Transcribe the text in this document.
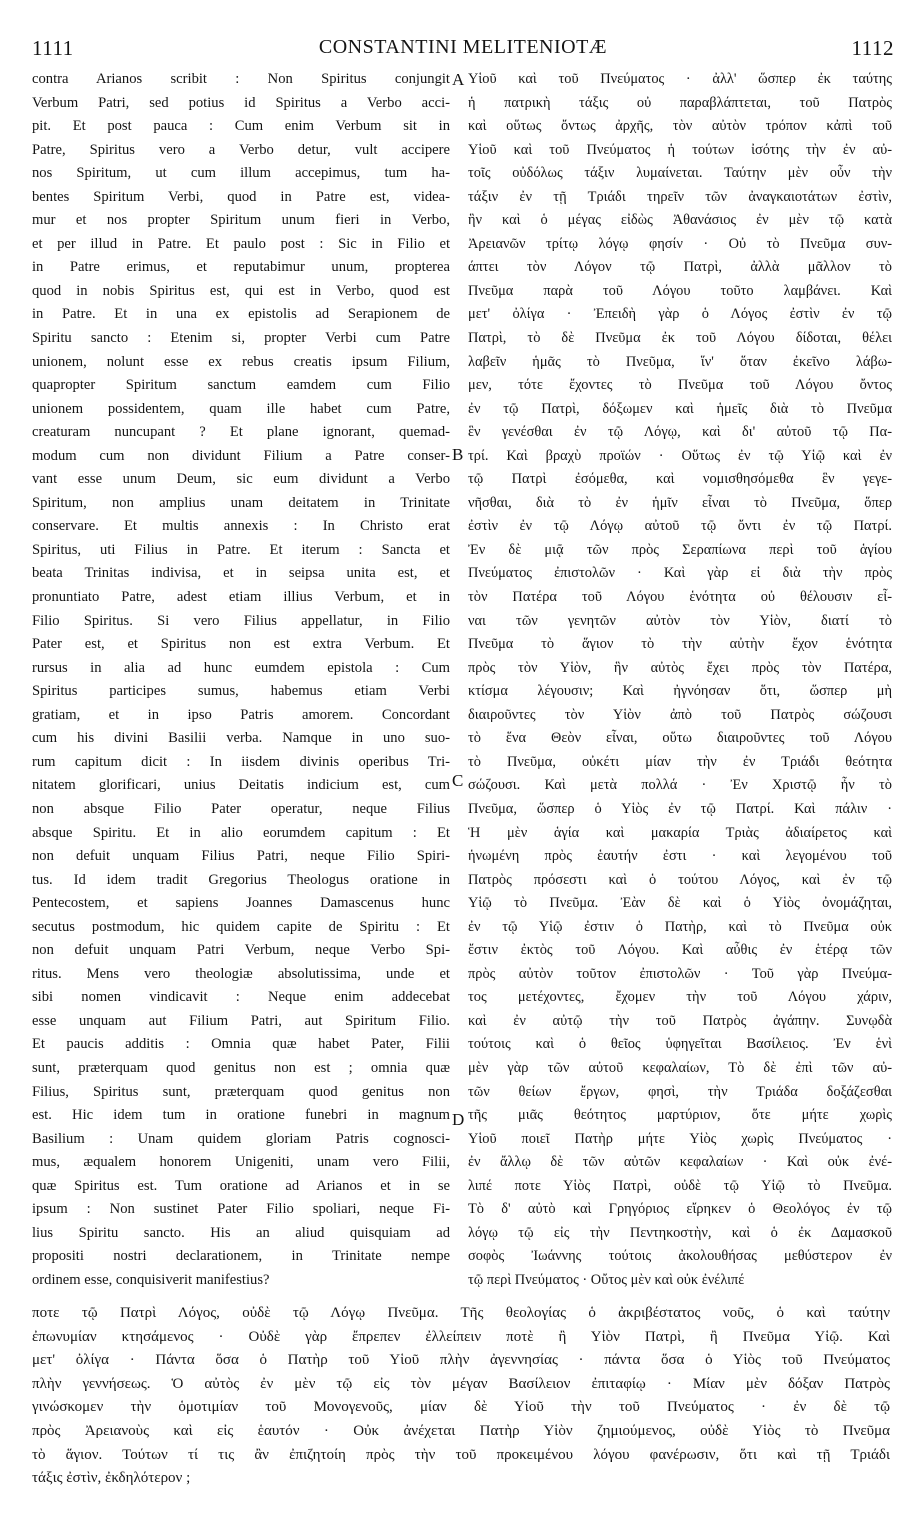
1111	CONSTANTINI MELITENIOTÆ	1112
contra Arianos scribit : Non Spiritus conjungit
Verbum Patri, sed potius id Spiritus a Verbo acci-
pit. Et post pauca : Cum enim Verbum sit in
Patre, Spiritus vero a Verbo detur, vult accipere
nos Spiritum, ut cum illum accepimus, tum ha-
bentes Spiritum Verbi, quod in Patre est, videa-
mur et nos propter Spiritum unum fieri in Verbo,
et per illud in Patre. Et paulo post : Sic in Filio et
in Patre erimus, et reputabimur unum, propterea
quod in nobis Spiritus est, qui est in Verbo, quod est
in Patre. Et in una ex epistolis ad Serapionem de
Spiritu sancto : Etenim si, propter Verbi cum Patre
unionem, nolunt esse ex rebus creatis ipsum Filium,
quapropter Spiritum sanctum eamdem cum Filio
unionem possidentem, quam ille habet cum Patre,
creaturam nuncupant ? Et plane ignorant, quemad-
modum cum non dividunt Filium a Patre conser-
vant esse unum Deum, sic eum dividunt a Verbo
Spiritum, non amplius unam deitatem in Trinitate
conservare. Et multis annexis : In Christo erat
Spiritus, uti Filius in Patre. Et iterum : Sancta et
beata Trinitas indivisa, et in seipsa unita est, et
pronuntiato Patre, adest etiam illius Verbum, et in
Filio Spiritus. Si vero Filius appellatur, in Filio
Pater est, et Spiritus non est extra Verbum. Et
rursus in alia ad hunc eumdem epistola : Cum
Spiritus participes sumus, habemus etiam Verbi
gratiam, et in ipso Patris amorem. Concordant
cum his divini Basilii verba. Namque in uno suo-
rum capitum dicit : In iisdem divinis operibus Tri-
nitatem glorificari, unius Deitatis indicium est, cum
non absque Filio Pater operatur, neque Filius
absque Spiritu. Et in alio eorumdem capitum : Et
non defuit unquam Filius Patri, neque Filio Spiri-
tus. Id idem tradit Gregorius Theologus oratione in
Pentecostem, et sapiens Joannes Damascenus hunc
secutus postmodum, hic quidem capite de Spiritu : Et
non defuit unquam Patri Verbum, neque Verbo Spi-
ritus. Mens vero theologiæ absolutissima, unde et
sibi nomen vindicavit : Neque enim addecebat
esse unquam aut Filium Patri, aut Spiritum Filio.
Et paucis additis : Omnia quæ habet Pater, Filii
sunt, præterquam quod genitus non est ; omnia quæ
Filius, Spiritus sunt, præterquam quod genitus non
est. Hic idem tum in oratione funebri in magnum
Basilium : Unam quidem gloriam Patris cognosci-
mus, æqualem honorem Unigeniti, unam vero Filii,
quæ Spiritus est. Tum oratione ad Arianos et in se
ipsum : Non sustinet Pater Filio spoliari, neque Fi-
lius Spiritu sancto. His an aliud quisquiam ad
propositi nostri declarationem, in Trinitate nempe
ordinem esse, conquisiverit manifestius?
Υἱοῦ καὶ τοῦ Πνεύματος · ἀλλ' ὥσπερ ἐκ ταύτης
ἡ πατρικὴ τάξις οὐ παραβλάπτεται, τοῦ Πατρὸς
καὶ οὕτως ὄντως ἀρχῆς, τὸν αὐτὸν τρόπον κἀπὶ τοῦ
Υἱοῦ καὶ τοῦ Πνεύματος ἡ τούτων ἰσότης τὴν ἐν αὐ-
τοῖς οὐδόλως τάξιν λυμαίνεται. Ταύτην μὲν οὖν τὴν
τάξιν ἐν τῇ Τριάδι τηρεῖν τῶν ἀναγκαιοτάτων ἐστὶν,
ἣν καὶ ὁ μέγας εἰδὼς Ἀθανάσιος ἐν μὲν τῷ κατὰ
Ἀρειανῶν τρίτῳ λόγῳ φησίν · Οὐ τὸ Πνεῦμα συν-
άπτει τὸν Λόγον τῷ Πατρὶ, ἀλλὰ μᾶλλον τὸ
Πνεῦμα παρὰ τοῦ Λόγου τοῦτο λαμβάνει. Καὶ
μετ' ὀλίγα · Ἐπειδὴ γὰρ ὁ Λόγος ἐστὶν ἐν τῷ
Πατρὶ, τὸ δὲ Πνεῦμα ἐκ τοῦ Λόγου δίδοται, θέλει
λαβεῖν ἡμᾶς τὸ Πνεῦμα, ἵν' ὅταν ἐκεῖνο λάβω-
μεν, τότε ἔχοντες τὸ Πνεῦμα τοῦ Λόγου ὄντος
ἐν τῷ Πατρὶ, δόξωμεν καὶ ἡμεῖς διὰ τὸ Πνεῦμα
ἓν γενέσθαι ἐν τῷ Λόγῳ, καὶ δι' αὐτοῦ τῷ Πα-
τρί. Καὶ βραχὺ προϊών · Οὕτως ἐν τῷ Υἱῷ καὶ ἐν
τῷ Πατρὶ ἐσόμεθα, καὶ νομισθησόμεθα ἓν γεγε-
νῆσθαι, διὰ τὸ ἐν ἡμῖν εἶναι τὸ Πνεῦμα, ὅπερ
ἐστὶν ἐν τῷ Λόγῳ αὐτοῦ τῷ ὄντι ἐν τῷ Πατρί.
Ἐν δὲ μιᾷ τῶν πρὸς Σεραπίωνα περὶ τοῦ ἁγίου
Πνεύματος ἐπιστολῶν · Καὶ γὰρ εἰ διὰ τὴν πρὸς
τὸν Πατέρα τοῦ Λόγου ἑνότητα οὐ θέλουσιν εἶ-
ναι τῶν γενητῶν αὐτὸν τὸν Υἱὸν, διατί τὸ
Πνεῦμα τὸ ἅγιον τὸ τὴν αὐτὴν ἔχον ἑνότητα
πρὸς τὸν Υἱὸν, ἣν αὐτὸς ἔχει πρὸς τὸν Πατέρα,
κτίσμα λέγουσιν; Καὶ ἠγνόησαν ὅτι, ὥσπερ μὴ
διαιροῦντες τὸν Υἱὸν ἀπὸ τοῦ Πατρὸς σώζουσι
τὸ ἕνα Θεὸν εἶναι, οὕτω διαιροῦντες τοῦ Λόγου
τὸ Πνεῦμα, οὐκέτι μίαν τὴν ἐν Τριάδι θεότητα
σώζουσι. Καὶ μετὰ πολλά · Ἐν Χριστῷ ἦν τὸ
Πνεῦμα, ὥσπερ ὁ Υἱὸς ἐν τῷ Πατρί. Καὶ πάλιν ·
Ἡ μὲν ἁγία καὶ μακαρία Τριὰς ἀδιαίρετος καὶ
ἡνωμένη πρὸς ἑαυτήν ἐστι · καὶ λεγομένου τοῦ
Πατρὸς πρόσεστι καὶ ὁ τούτου Λόγος, καὶ ἐν τῷ
Υἱῷ τὸ Πνεῦμα. Ἐὰν δὲ καὶ ὁ Υἱὸς ὀνομάζηται,
ἐν τῷ Υἱῷ ἐστιν ὁ Πατὴρ, καὶ τὸ Πνεῦμα οὐκ
ἔστιν ἐκτὸς τοῦ Λόγου. Καὶ αὖθις ἐν ἑτέρᾳ τῶν
πρὸς αὐτὸν τοῦτον ἐπιστολῶν · Τοῦ γὰρ Πνεύμα-
τος μετέχοντες, ἔχομεν τὴν τοῦ Λόγου χάριν,
καὶ ἐν αὐτῷ τὴν τοῦ Πατρὸς ἀγάπην. Συνῳδὰ
τούτοις καὶ ὁ θεῖος ὑφηγεῖται Βασίλειος. Ἐν ἑνὶ
μὲν γὰρ τῶν αὐτοῦ κεφαλαίων, Τὸ δὲ ἐπὶ τῶν αὐ-
τῶν θείων ἔργων, φησὶ, τὴν Τριάδα δοξάζεσθαι
τῆς μιᾶς θεότητος μαρτύριον, ὅτε μήτε χωρὶς
Υἱοῦ ποιεῖ Πατὴρ μήτε Υἱὸς χωρὶς Πνεύματος ·
ἐν ἄλλῳ δὲ τῶν αὐτῶν κεφαλαίων · Καὶ οὐκ ἐνέ-
λιπέ ποτε Υἱὸς Πατρὶ, οὐδὲ τῷ Υἱῷ τὸ Πνεῦμα.
Τὸ δ' αὐτὸ καὶ Γρηγόριος εἴρηκεν ὁ Θεολόγος ἐν τῷ
λόγῳ τῷ εἰς τὴν Πεντηκοστὴν, καὶ ὁ ἐκ Δαμασκοῦ
σοφὸς Ἰωάννης τούτοις ἀκολουθήσας μεθύστερον ἐν
τῷ περὶ Πνεύματος · Οὔτος μὲν καὶ οὐκ ἐνέλιπέ
A
B
C
D
ποτε τῷ Πατρὶ Λόγος, οὐδὲ τῷ Λόγῳ Πνεῦμα. Τῆς θεολογίας ὁ ἀκριβέστατος νοῦς, ὁ καὶ ταύτην
ἐπωνυμίαν κτησάμενος · Οὐδὲ γὰρ ἔπρεπεν ἐλλείπειν ποτὲ ἢ Υἱὸν Πατρὶ, ἢ Πνεῦμα Υἱῷ. Καὶ
μετ' ὀλίγα · Πάντα ὅσα ὁ Πατὴρ τοῦ Υἱοῦ πλὴν ἀγεννησίας · πάντα ὅσα ὁ Υἱὸς τοῦ Πνεύματος
πλὴν γεννήσεως. Ὁ αὐτὸς ἐν μὲν τῷ εἰς τὸν μέγαν Βασίλειον ἐπιταφίῳ · Μίαν μὲν δόξαν Πατρὸς
γινώσκομεν τὴν ὁμοτιμίαν τοῦ Μονογενοῦς, μίαν δὲ Υἱοῦ τὴν τοῦ Πνεύματος · ἐν δὲ τῷ
πρὸς Ἀρειανοὺς καὶ εἰς ἑαυτόν · Οὐκ ἀνέχεται Πατὴρ Υἱὸν ζημιούμενος, οὐδὲ Υἱὸς τὸ Πνεῦμα
τὸ ἅγιον. Τούτων τί τις ἂν ἐπιζητοίη πρὸς τὴν τοῦ προκειμένου λόγου φανέρωσιν, ὅτι καὶ τῇ Τριάδι
τάξις ἐστὶν, ἐκδηλότερον ;
